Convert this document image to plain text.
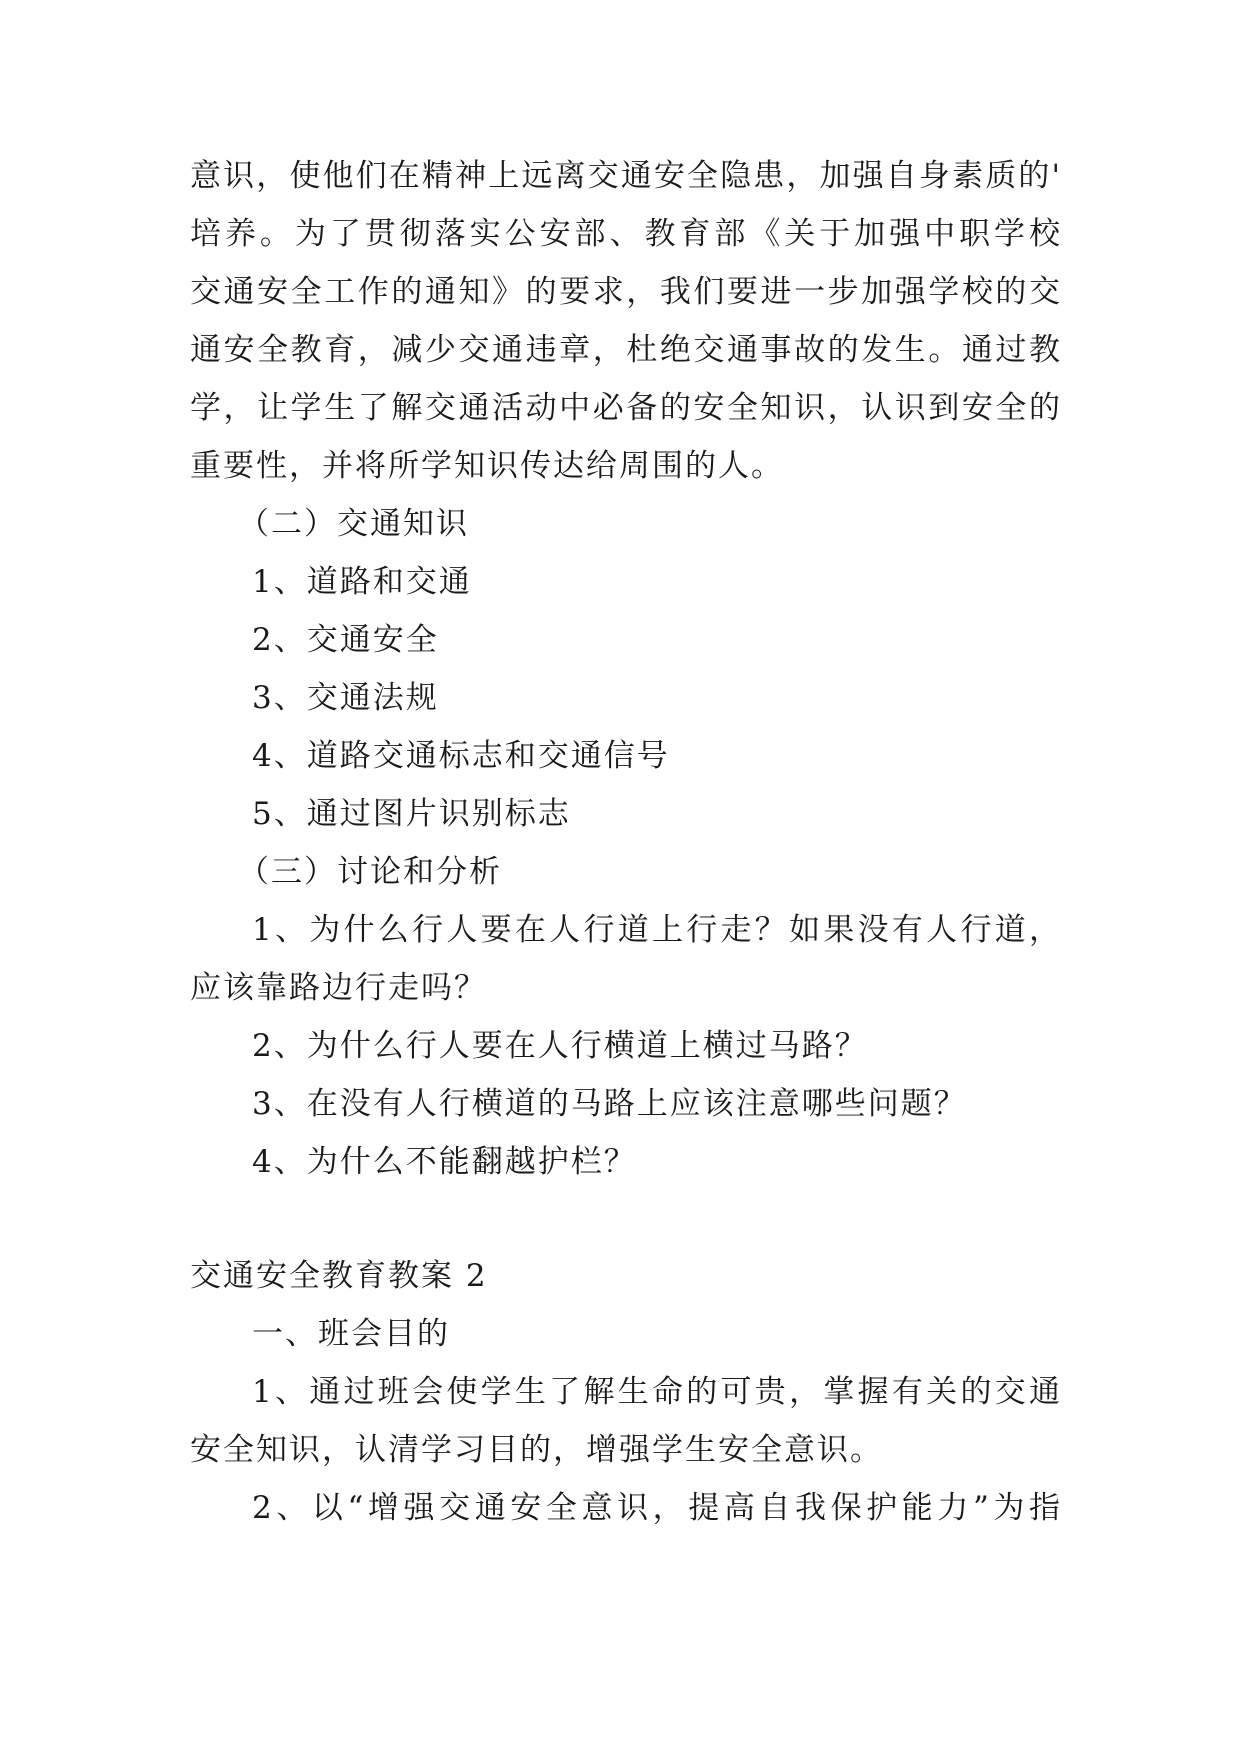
意识，使他们在精神上远离交通安全隐患，加强自身素质的'
培养。为了贯彻落实公安部、教育部《关于加强中职学校
交通安全工作的通知》的要求，我们要进一步加强学校的交
通安全教育，减少交通违章，杜绝交通事故的发生。通过教
学，让学生了解交通活动中必备的安全知识，认识到安全的
重要性，并将所学知识传达给周围的人。
（二）交通知识
1、道路和交通
2、交通安全
3、交通法规
4、道路交通标志和交通信号
5、通过图片识别标志
（三）讨论和分析
1、为什么行人要在人行道上行走？如果没有人行道，
应该靠路边行走吗？
2、为什么行人要在人行横道上横过马路？
3、在没有人行横道的马路上应该注意哪些问题？
4、为什么不能翻越护栏？
交通安全教育教案 2
一、班会目的
1、通过班会使学生了解生命的可贵，掌握有关的交通
安全知识，认清学习目的，增强学生安全意识。
2、以“增强交通安全意识，提高自我保护能力”为指
